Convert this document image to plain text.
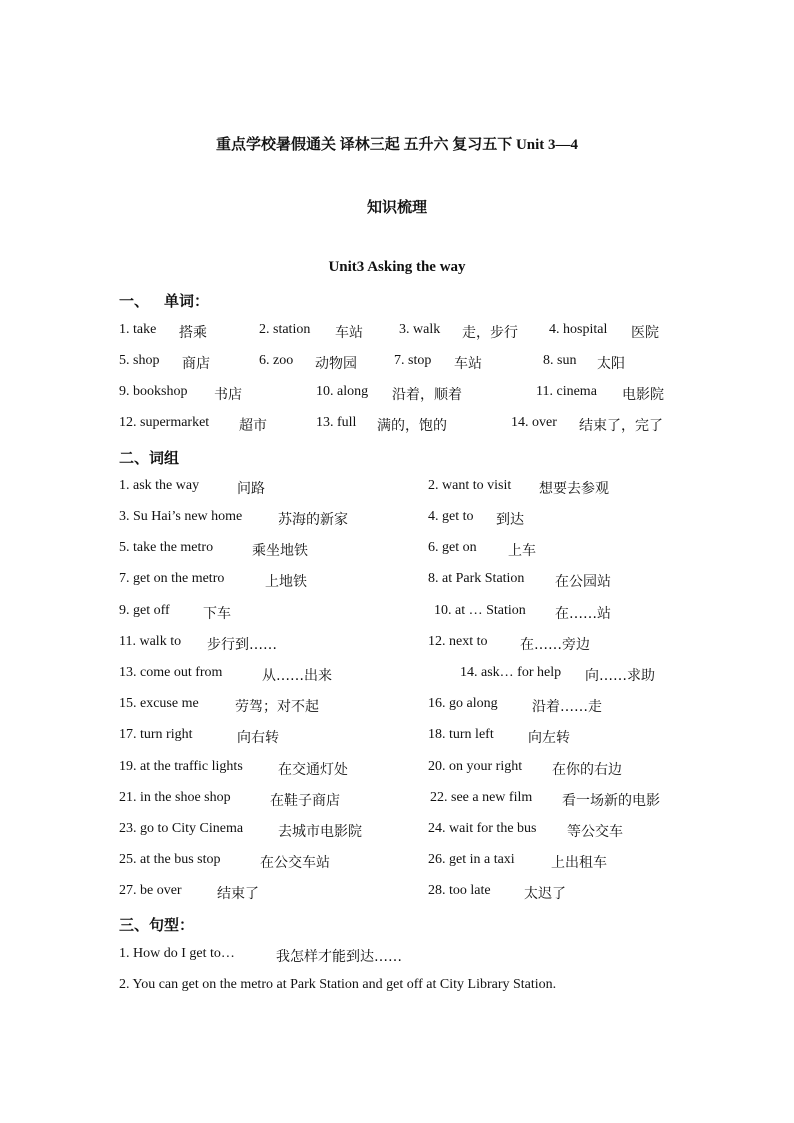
重点学校暑假通关 译林三起 五升六 复习五下 Unit 3—4
知识梳理
Unit3 Asking the way
一、    单词：
1. take 搭乘	2. station 车站	3. walk 走，步行 4. hospital 医院
5. shop 商店	6. zoo 动物园	7. stop 车站	8. sun 太阳
9. bookshop 书店	10. along 沿着，顺着	11. cinema 电影院
12. supermarket 超市	13. full 满的，饱的	14. over 结束了，完了
二、词组
1. ask the way	问路	2. want to visit 想要去参观
3. Su Hai’s new home	苏海的新家	4. get to 到达
5. take the metro	乘坐地铁	6. get on 上车
7. get on the metro	上地铁	8. at Park Station 在公园站
9. get off 下车	10. at … Station 在……站
11. walk to 步行到……	12. next to 在……旁边
13. come out from	从……出来	14. ask… for help 向……求助
15. excuse me	劳驾；对不起	16. go along 沿着……走
17. turn right	向右转	18. turn left 向左转
19. at the traffic lights	在交通灯处	20. on your right 在你的右边
21. in the shoe shop	在鞋子商店	22. see a new film 看一场新的电影
23. go to City Cinema 去城市电影院	24. wait for the bus 等公交车
25. at the bus stop	在公交车站	26. get in a taxi	上出租车
27. be over	结束了	28. too late 太迟了
三、句型：
1. How do I get to…	我怎样才能到达……
2. You can get on the metro at Park Station and get off at City Library Station.
